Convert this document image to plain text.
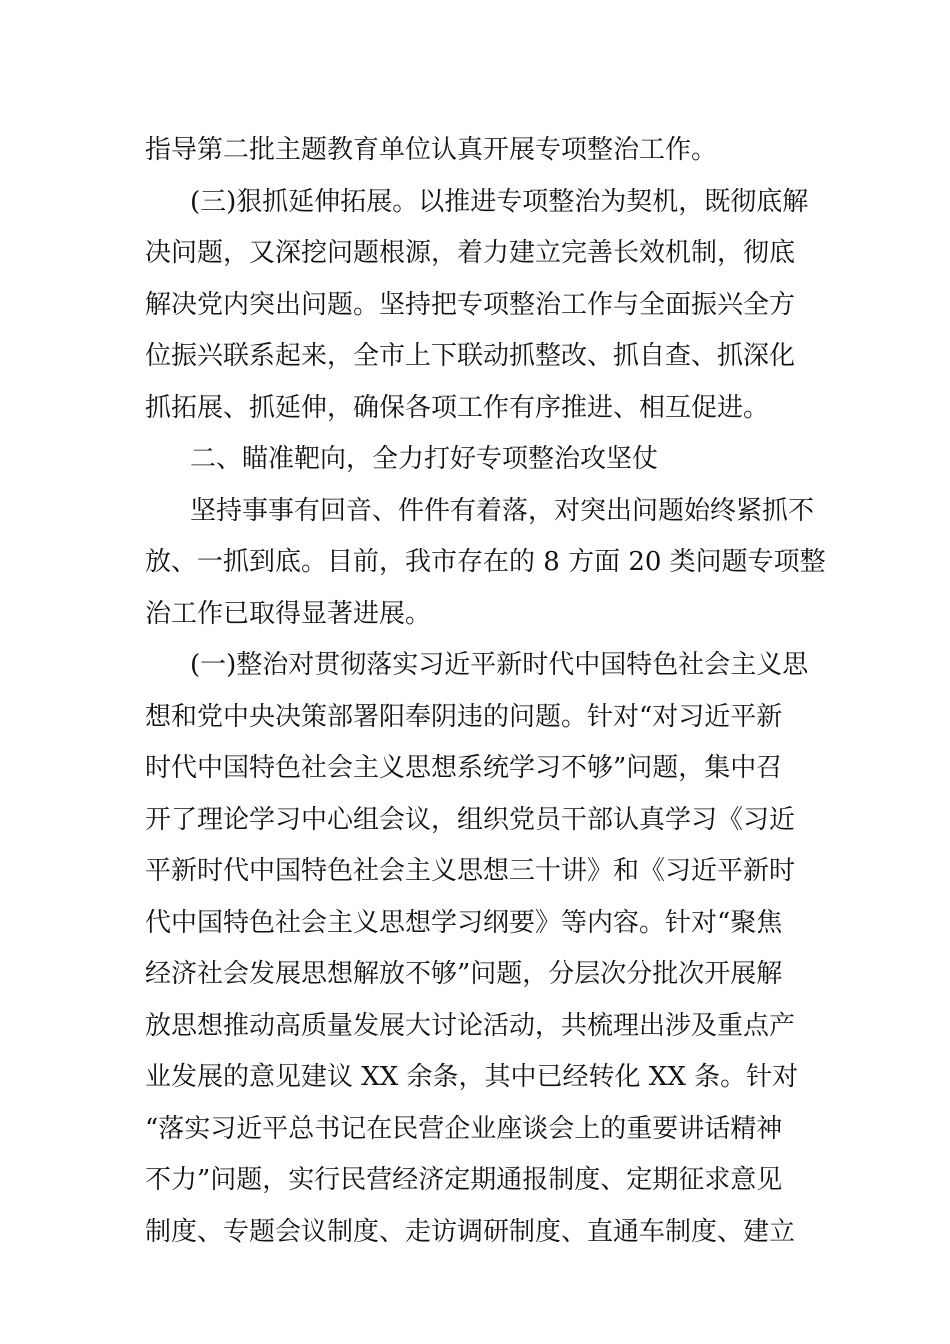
指导第二批主题教育单位认真开展专项整治工作。
(三)狠抓延伸拓展。以推进专项整治为契机，既彻底解
决问题，又深挖问题根源，着力建立完善长效机制，彻底
解决党内突出问题。坚持把专项整治工作与全面振兴全方
位振兴联系起来，全市上下联动抓整改、抓自查、抓深化
抓拓展、抓延伸，确保各项工作有序推进、相互促进。
二、瞄准靶向，全力打好专项整治攻坚仗
坚持事事有回音、件件有着落，对突出问题始终紧抓不
放、一抓到底。目前，我市存在的 8 方面 20 类问题专项整
治工作已取得显著进展。
(一)整治对贯彻落实习近平新时代中国特色社会主义思
想和党中央决策部署阳奉阴违的问题。针对“对习近平新
时代中国特色社会主义思想系统学习不够”问题，集中召
开了理论学习中心组会议，组织党员干部认真学习《习近
平新时代中国特色社会主义思想三十讲》和《习近平新时
代中国特色社会主义思想学习纲要》等内容。针对“聚焦
经济社会发展思想解放不够”问题，分层次分批次开展解
放思想推动高质量发展大讨论活动，共梳理出涉及重点产
业发展的意见建议 XX 余条，其中已经转化 XX 条。针对
“落实习近平总书记在民营企业座谈会上的重要讲话精神
不力”问题，实行民营经济定期通报制度、定期征求意见
制度、专题会议制度、走访调研制度、直通车制度、建立
